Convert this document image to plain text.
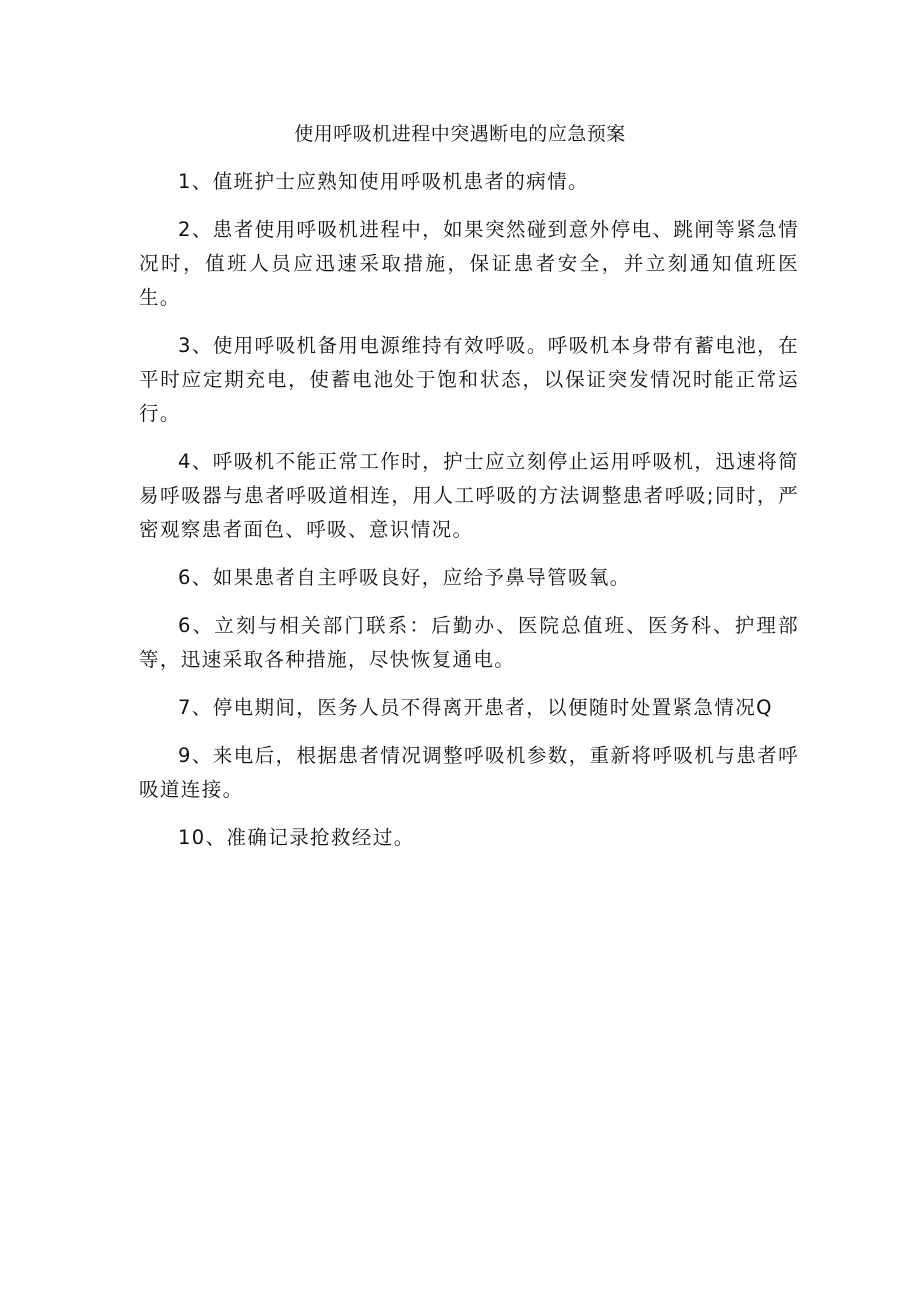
使用呼吸机进程中突遇断电的应急预案

1、值班护士应熟知使用呼吸机患者的病情。

2、患者使用呼吸机进程中，如果突然碰到意外停电、跳闸等紧急情况时，值班人员应迅速采取措施，保证患者安全，并立刻通知值班医生。

3、使用呼吸机备用电源维持有效呼吸。呼吸机本身带有蓄电池，在平时应定期充电，使蓄电池处于饱和状态，以保证突发情况时能正常运行。

4、呼吸机不能正常工作时，护士应立刻停止运用呼吸机，迅速将简易呼吸器与患者呼吸道相连，用人工呼吸的方法调整患者呼吸;同时，严密观察患者面色、呼吸、意识情况。

6、如果患者自主呼吸良好，应给予鼻导管吸氧。

6、立刻与相关部门联系：后勤办、医院总值班、医务科、护理部等，迅速采取各种措施，尽快恢复通电。

7、停电期间，医务人员不得离开患者，以便随时处置紧急情况Q

9、来电后，根据患者情况调整呼吸机参数，重新将呼吸机与患者呼吸道连接。

10、准确记录抢救经过。
